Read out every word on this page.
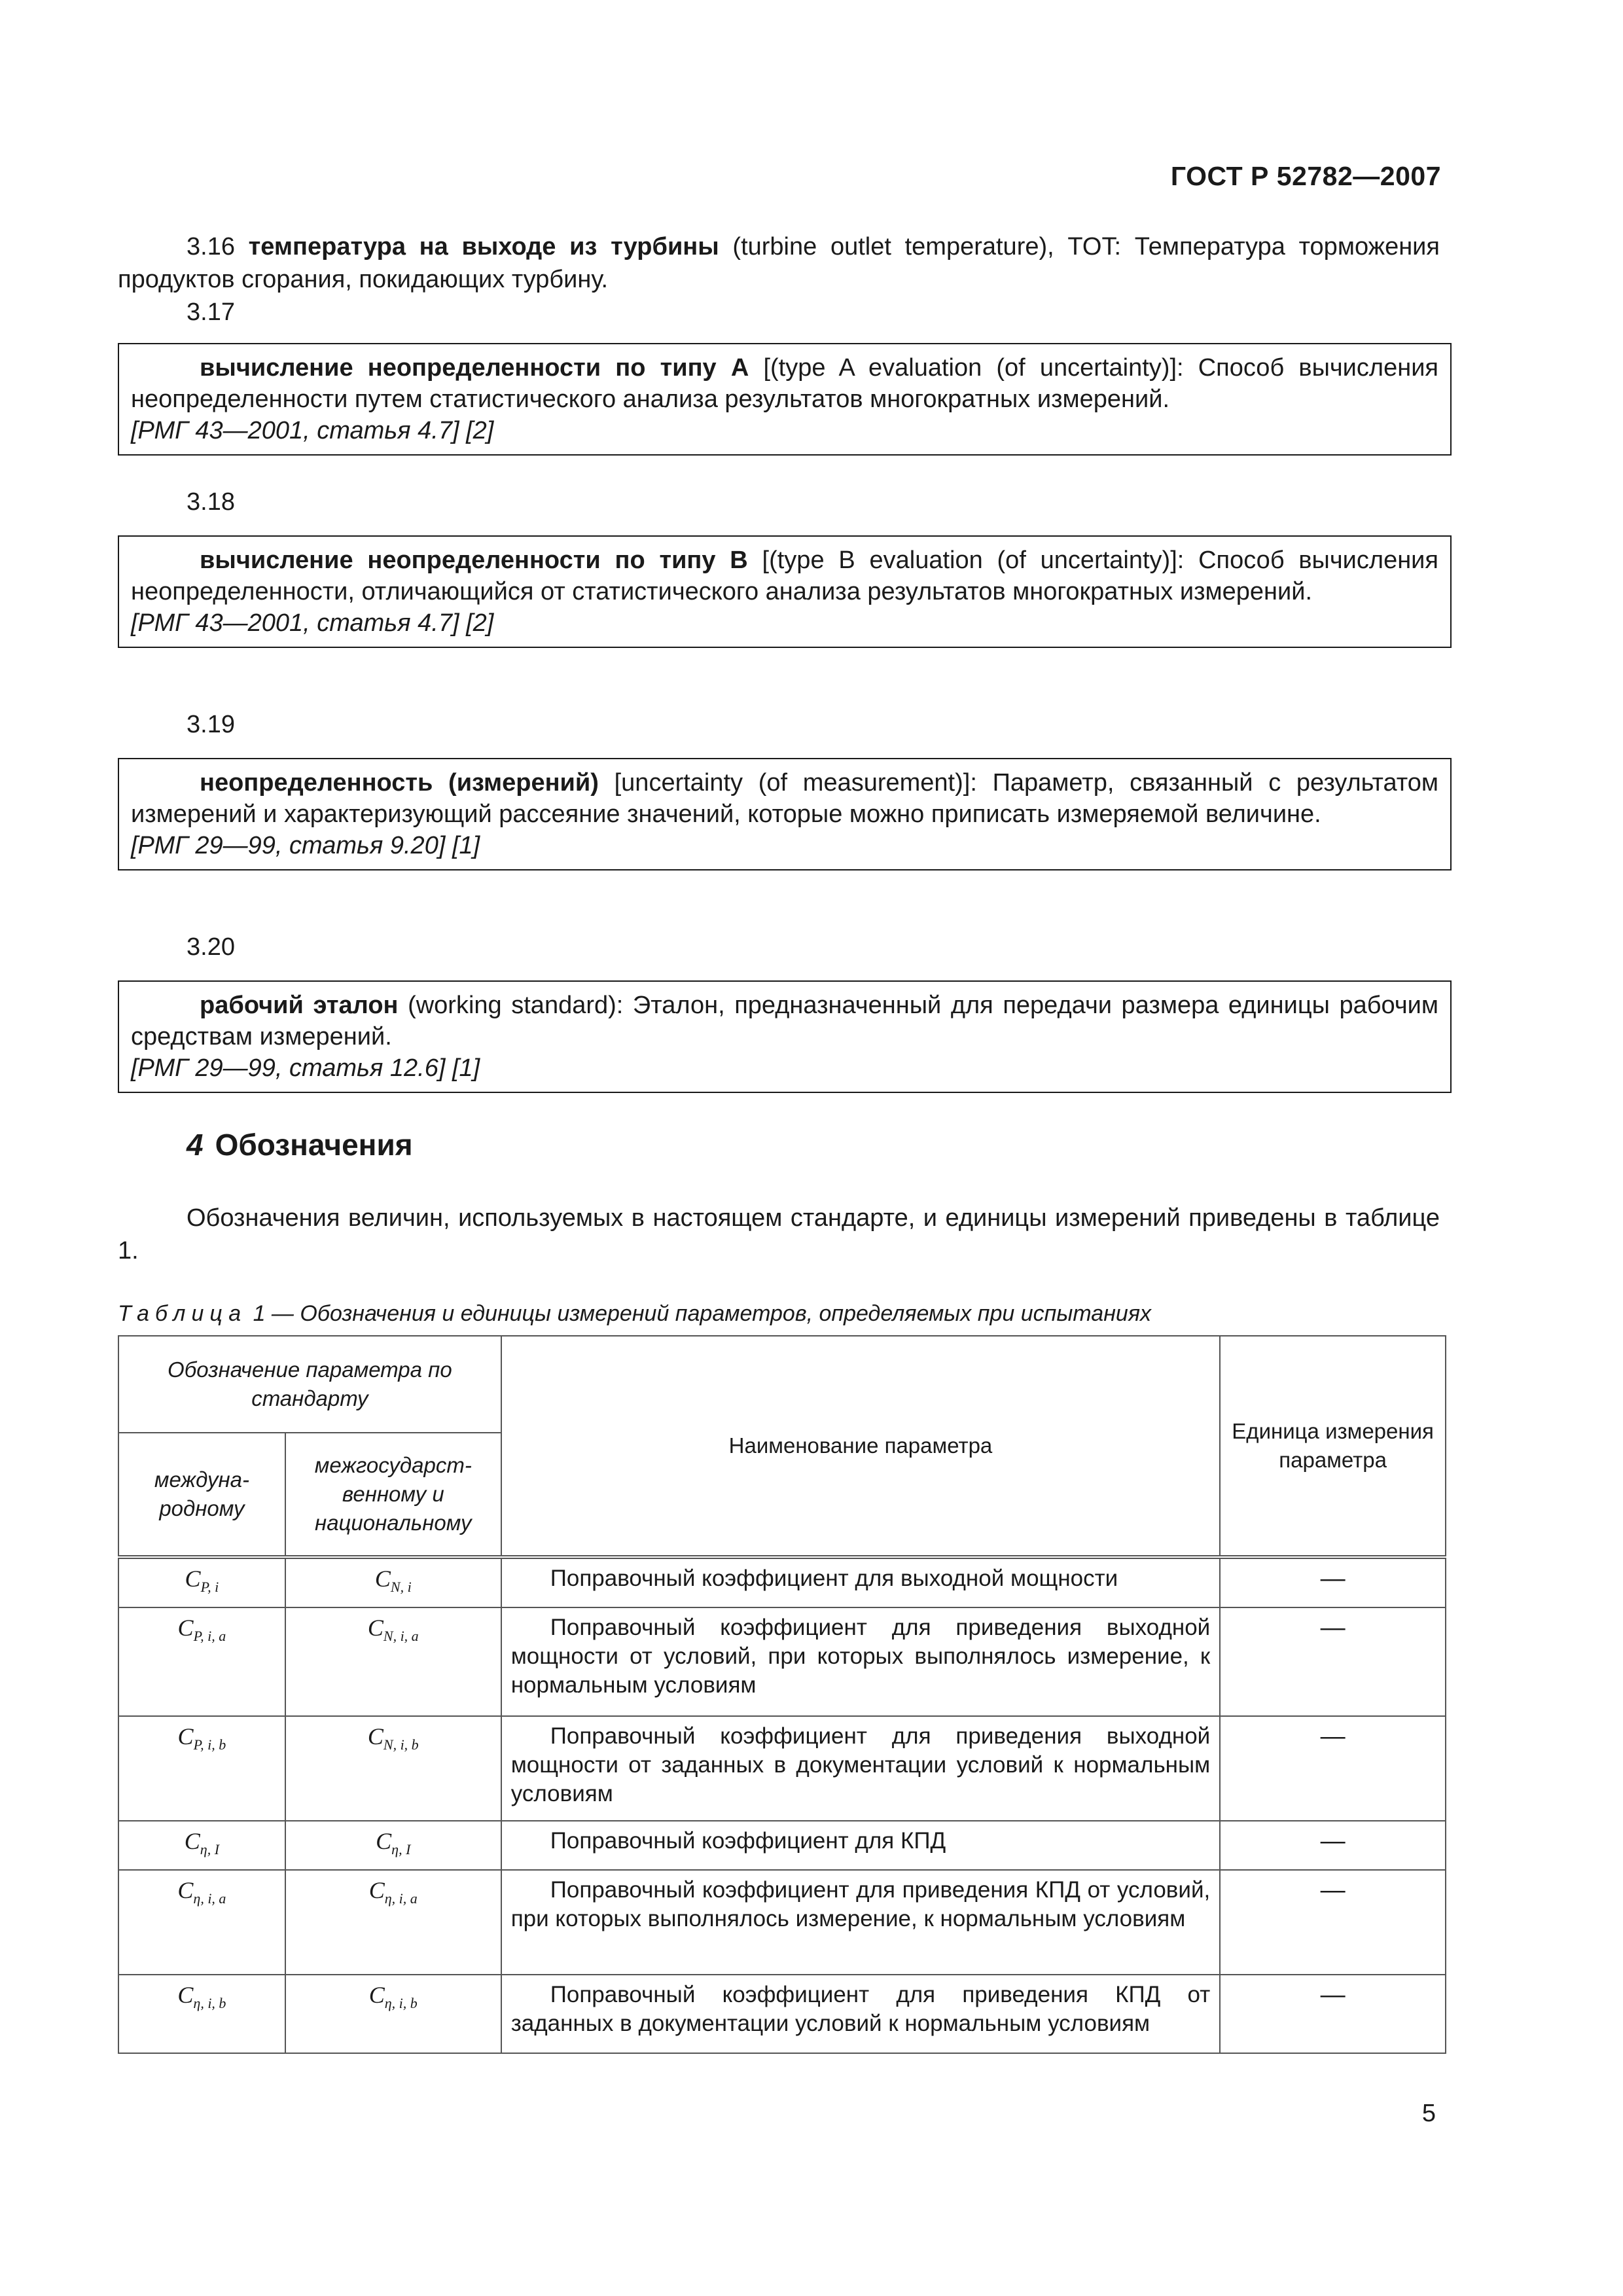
ГОСТ Р 52782—2007
3.16 температура на выходе из турбины (turbine outlet temperature), TOT: Температура торможения продуктов сгорания, покидающих турбину.
3.17

вычисление неопределенности по типу А [(type A evaluation (of uncertainty)]: Способ вычисления неопределенности путем статистического анализа результатов многократных измерений.

[РМГ 43—2001, статья 4.7] [2]

3.18

вычисление неопределенности по типу В [(type B evaluation (of uncertainty)]: Способ вычисления неопределенности, отличающийся от статистического анализа результатов многократных измерений.

[РМГ 43—2001, статья 4.7] [2]

3.19

неопределенность (измерений) [uncertainty (of measurement)]: Параметр, связанный с результатом измерений и характеризующий рассеяние значений, которые можно приписать измеряемой величине.

[РМГ 29—99, статья 9.20] [1]

3.20

рабочий эталон (working standard): Эталон, предназначенный для передачи размера единицы рабочим средствам измерений.

[РМГ 29—99, статья 12.6] [1]

4 Обозначения
Обозначения величин, используемых в настоящем стандарте, и единицы измерений приведены в таблице 1.
Таблица 1 — Обозначения и единицы измерений параметров, определяемых при испытаниях
Обозначение параметра по стандарту		Наименование параметра	Единица измерения параметра
междуна-родному	межгосударст-венному и национальному		
$C_{P, i}$	$C_{N, i}$	Поправочный коэффициент для выходной мощности	—
$C_{P, i, a}$	$C_{N, i, a}$	Поправочный коэффициент для приведения выходной мощности от условий, при которых выполнялось измерение, к нормальным условиям	—
$C_{P, i, b}$	$C_{N, i, b}$	Поправочный коэффициент для приведения выходной мощности от заданных в документации условий к нормальным условиям	—
$C_{\eta, I}$	$C_{\eta, I}$	Поправочный коэффициент для КПД	—
$C_{\eta, i, a}$	$C_{\eta, i, a}$	Поправочный коэффициент для приведения КПД от условий, при которых выполнялось измерение, к нормальным условиям	—
$C_{\eta, i, b}$	$C_{\eta, i, b}$	Поправочный коэффициент для приведения КПД от заданных в документации условий к нормальным условиям	—
5
